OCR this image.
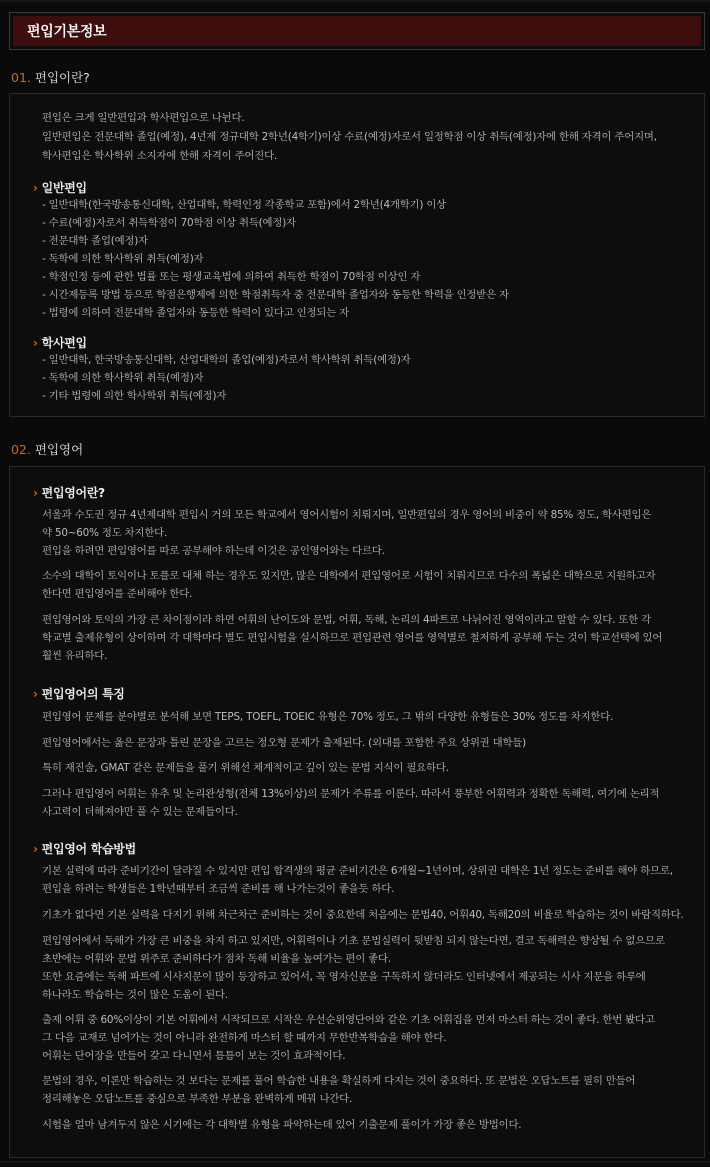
편입기본정보
01. 편입이란?
편입은 크게 일반편입과 학사편입으로 나뉜다.
일반편입은 전문대학 졸업(예정), 4년제 정규대학 2학년(4학기)이상 수료(예정)자로서 일정학점 이상 취득(예정)자에 한해 자격이 주어지며,
학사편입은 학사학위 소지자에 한해 자격이 주어진다.
› 일반편입
- 일반대학(한국방송통신대학, 산업대학, 학력인정 각종학교 포함)에서 2학년(4개학기) 이상
- 수료(예정)자로서 취득학점이 70학점 이상 취득(예정)자
- 전문대학 졸업(예정)자
- 독학에 의한 학사학위 취득(예정)자
- 학점인정 등에 관한 법률 또는 평생교육법에 의하여 취득한 학점이 70학점 이상인 자
- 시간제등록 방법 등으로 학점은행제에 의한 학점취득자 중 전문대학 졸업자와 동등한 학력을 인정받은 자
- 법령에 의하여 전문대학 졸업자와 동등한 학력이 있다고 인정되는 자
› 학사편입
- 일반대학, 한국방송통신대학, 산업대학의 졸업(예정)자로서 학사학위 취득(예정)자
- 독학에 의한 학사학위 취득(예정)자
- 기타 법령에 의한 학사학위 취득(예정)자
02. 편입영어
› 편입영어란?
서울과 수도권 정규 4년제대학 편입시 거의 모든 학교에서 영어시험이 치뤄지며, 일반편입의 경우 영어의 비중이 약 85% 정도, 학사편입은
약 50~60% 정도 차지한다.
편입을 하려면 편입영어를 따로 공부해야 하는데 이것은 공인영어와는 다르다.
소수의 대학이 토익이나 토플로 대체 하는 경우도 있지만, 많은 대학에서 편입영어로 시험이 치뤄지므로 다수의 폭넓은 대학으로 지원하고자
한다면 편입영어를 준비해야 한다.
편입영어와 토익의 가장 큰 차이점이라 하면 어휘의 난이도와 문법, 어휘, 독해, 논리의 4파트로 나뉘어진 영역이라고 말할 수 있다. 또한 각
학교별 출제유형이 상이하며 각 대학마다 별도 편입시험을 실시하므로 편입관련 영어를 영역별로 철저하게 공부해 두는 것이 학교선택에 있어
훨씬 유리하다.
› 편입영어의 특징
편입영어 문제를 분야별로 분석해 보면 TEPS, TOEFL, TOEIC 유형은 70% 정도, 그 밖의 다양한 유형들은 30% 정도를 차지한다.
편입영어에서는 옳은 문장과 틀린 문장을 고르는 정오형 문제가 출제된다. (외대를 포함한 주요 상위권 대학들)
특히 재진술, GMAT 같은 문제들을 풀기 위해선 체계적이고 깊이 있는 문법 지식이 필요하다.
그러나 편입영어 어휘는 유추 및 논리완성형(전체 13%이상)의 문제가 주류를 이룬다. 따라서 풍부한 어휘력과 정확한 독해력, 여기에 논리적
사고력이 더해져야만 풀 수 있는 문제들이다.
› 편입영어 학습방법
기본 실력에 따라 준비기간이 달라질 수 있지만 편입 합격생의 평균 준비기간은 6개월~1년이며, 상위권 대학은 1년 정도는 준비를 해야 하므로,
편입을 하려는 학생들은 1학년때부터 조금씩 준비를 해 나가는것이 좋을듯 하다.
기초가 없다면 기본 실력을 다지기 위해 차근차근 준비하는 것이 중요한데 처음에는 문법40, 어휘40, 독해20의 비율로 학습하는 것이 바람직하다.
편입영어에서 독해가 가장 큰 비중을 차지 하고 있지만, 어휘력이나 기초 문법실력이 뒷받침 되지 않는다면, 결코 독해력은 향상될 수 없으므로
초반에는 어휘와 문법 위주로 준비하다가 점차 독해 비율을 높여가는 편이 좋다.
또한 요즘에는 독해 파트에 시사지문이 많이 등장하고 있어서, 꼭 영자신문을 구독하지 않더라도 인터넷에서 제공되는 시사 지문을 하루에
하나라도 학습하는 것이 많은 도움이 된다.
출제 어휘 중 60%이상이 기본 어휘에서 시작되므로 시작은 우선순위영단어와 같은 기초 어휘집을 먼저 마스터 하는 것이 좋다. 한번 봤다고
그 다음 교재로 넘어가는 것이 아니라 완전하게 마스터 할 때까지 무한반복학습을 해야 한다.
어휘는 단어장을 만들어 갖고 다니면서 틈틈이 보는 것이 효과적이다.
문법의 경우, 이론만 학습하는 것 보다는 문제를 풀어 학습한 내용을 확실하게 다지는 것이 중요하다. 또 문법은 오답노트를 필히 만들어
정리해놓은 오답노트를 중심으로 부족한 부분을 완벽하게 메꿔 나간다.
시험을 얼마 남겨두지 않은 시기에는 각 대학별 유형을 파악하는데 있어 기출문제 풀이가 가장 좋은 방법이다.
